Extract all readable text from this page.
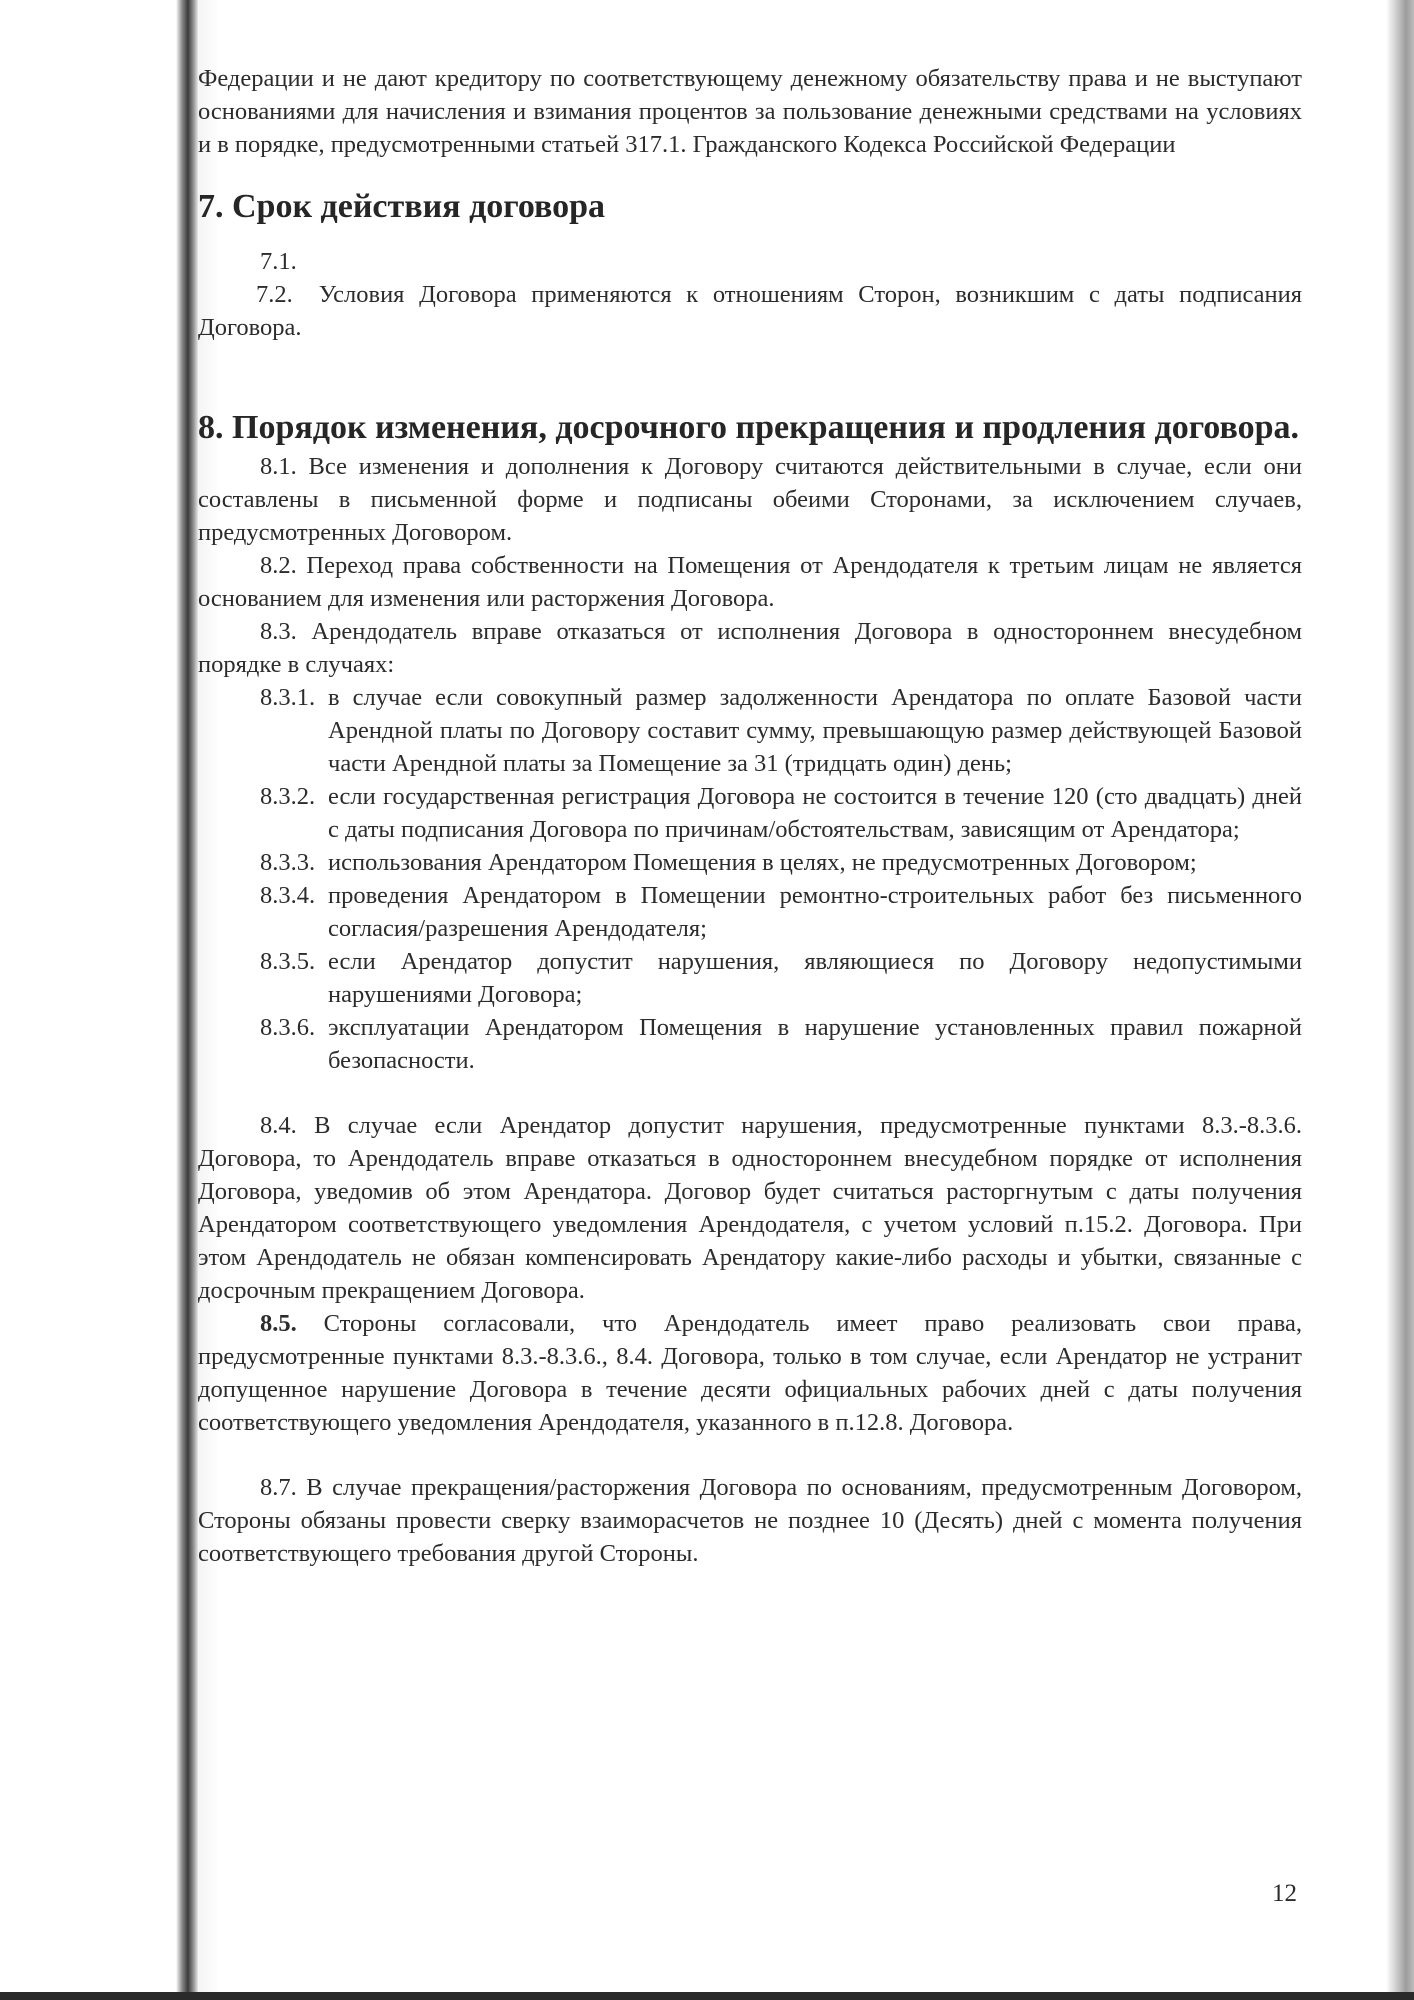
Федерации и не дают кредитору по соответствующему денежному обязательству права и не выступают основаниями для начисления и взимания процентов за пользование денежными средствами на условиях и в порядке, предусмотренными статьей 317.1. Гражданского Кодекса Российской Федерации

7. Срок действия договора

7.1.

7.2. Условия Договора применяются к отношениям Сторон, возникшим с даты подписания Договора.

8. Порядок изменения, досрочного прекращения и продления договора.

8.1. Все изменения и дополнения к Договору считаются действительными в случае, если они составлены в письменной форме и подписаны обеими Сторонами, за исключением случаев, предусмотренных Договором.

8.2. Переход права собственности на Помещения от Арендодателя к третьим лицам не является основанием для изменения или расторжения Договора.

8.3. Арендодатель вправе отказаться от исполнения Договора в одностороннем внесудебном порядке в случаях:

8.3.1. в случае если совокупный размер задолженности Арендатора по оплате Базовой части Арендной платы по Договору составит сумму, превышающую размер действующей Базовой части Арендной платы за Помещение за 31 (тридцать один) день;

8.3.2. если государственная регистрация Договора не состоится в течение 120 (сто двадцать) дней с даты подписания Договора по причинам/обстоятельствам, зависящим от Арендатора;

8.3.3. использования Арендатором Помещения в целях, не предусмотренных Договором;

8.3.4. проведения Арендатором в Помещении ремонтно-строительных работ без письменного согласия/разрешения Арендодателя;

8.3.5. если Арендатор допустит нарушения, являющиеся по Договору недопустимыми нарушениями Договора;

8.3.6. эксплуатации Арендатором Помещения в нарушение установленных правил пожарной безопасности.

8.4. В случае если Арендатор допустит нарушения, предусмотренные пунктами 8.3.-8.3.6. Договора, то Арендодатель вправе отказаться в одностороннем внесудебном порядке от исполнения Договора, уведомив об этом Арендатора. Договор будет считаться расторгнутым с даты получения Арендатором соответствующего уведомления Арендодателя, с учетом условий п.15.2. Договора. При этом Арендодатель не обязан компенсировать Арендатору какие-либо расходы и убытки, связанные с досрочным прекращением Договора.

8.5. Стороны согласовали, что Арендодатель имеет право реализовать свои права, предусмотренные пунктами 8.3.-8.3.6., 8.4. Договора, только в том случае, если Арендатор не устранит допущенное нарушение Договора в течение десяти официальных рабочих дней с даты получения соответствующего уведомления Арендодателя, указанного в п.12.8. Договора.

8.7. В случае прекращения/расторжения Договора по основаниям, предусмотренным Договором, Стороны обязаны провести сверку взаиморасчетов не позднее 10 (Десять) дней с момента получения соответствующего требования другой Стороны.

12
